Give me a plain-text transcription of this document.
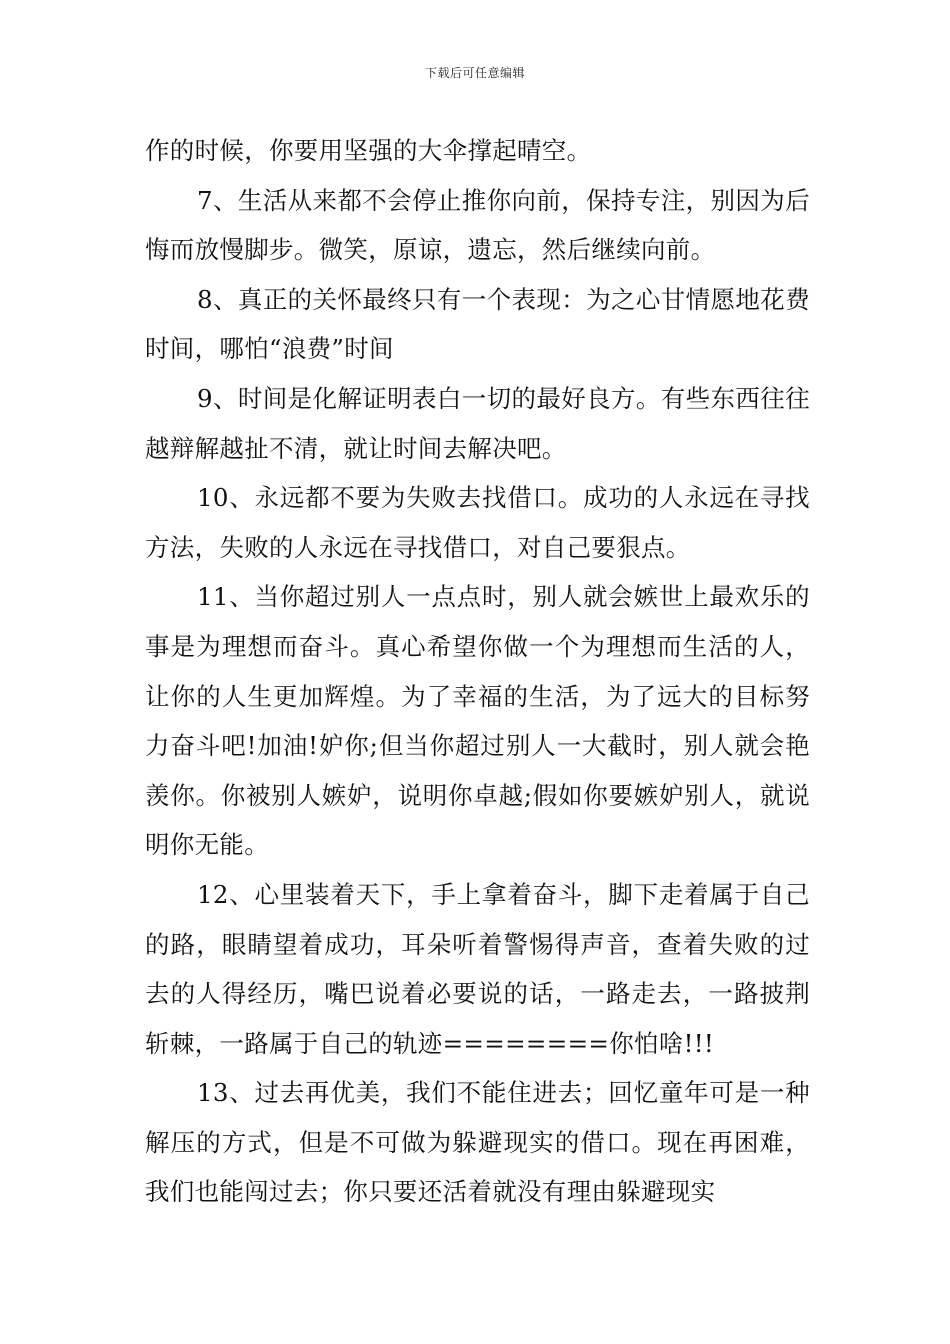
下载后可任意编辑

作的时候，你要用坚强的大伞撑起晴空。

7、生活从来都不会停止推你向前，保持专注，别因为后悔而放慢脚步。微笑，原谅，遗忘，然后继续向前。

8、真正的关怀最终只有一个表现：为之心甘情愿地花费时间，哪怕“浪费”时间

9、时间是化解证明表白一切的最好良方。有些东西往往越辩解越扯不清，就让时间去解决吧。

10、永远都不要为失败去找借口。成功的人永远在寻找方法，失败的人永远在寻找借口，对自己要狠点。

11、当你超过别人一点点时，别人就会嫉世上最欢乐的事是为理想而奋斗。真心希望你做一个为理想而生活的人，让你的人生更加辉煌。为了幸福的生活，为了远大的目标努力奋斗吧!加油!妒你;但当你超过别人一大截时，别人就会艳羡你。你被别人嫉妒，说明你卓越;假如你要嫉妒别人，就说明你无能。

12、心里装着天下，手上拿着奋斗，脚下走着属于自己的路，眼睛望着成功，耳朵听着警惕得声音，查着失败的过去的人得经历，嘴巴说着必要说的话，一路走去，一路披荆斩棘，一路属于自己的轨迹========你怕啥!!!

13、过去再优美，我们不能住进去；回忆童年可是一种解压的方式，但是不可做为躲避现实的借口。现在再困难，我们也能闯过去；你只要还活着就没有理由躲避现实
